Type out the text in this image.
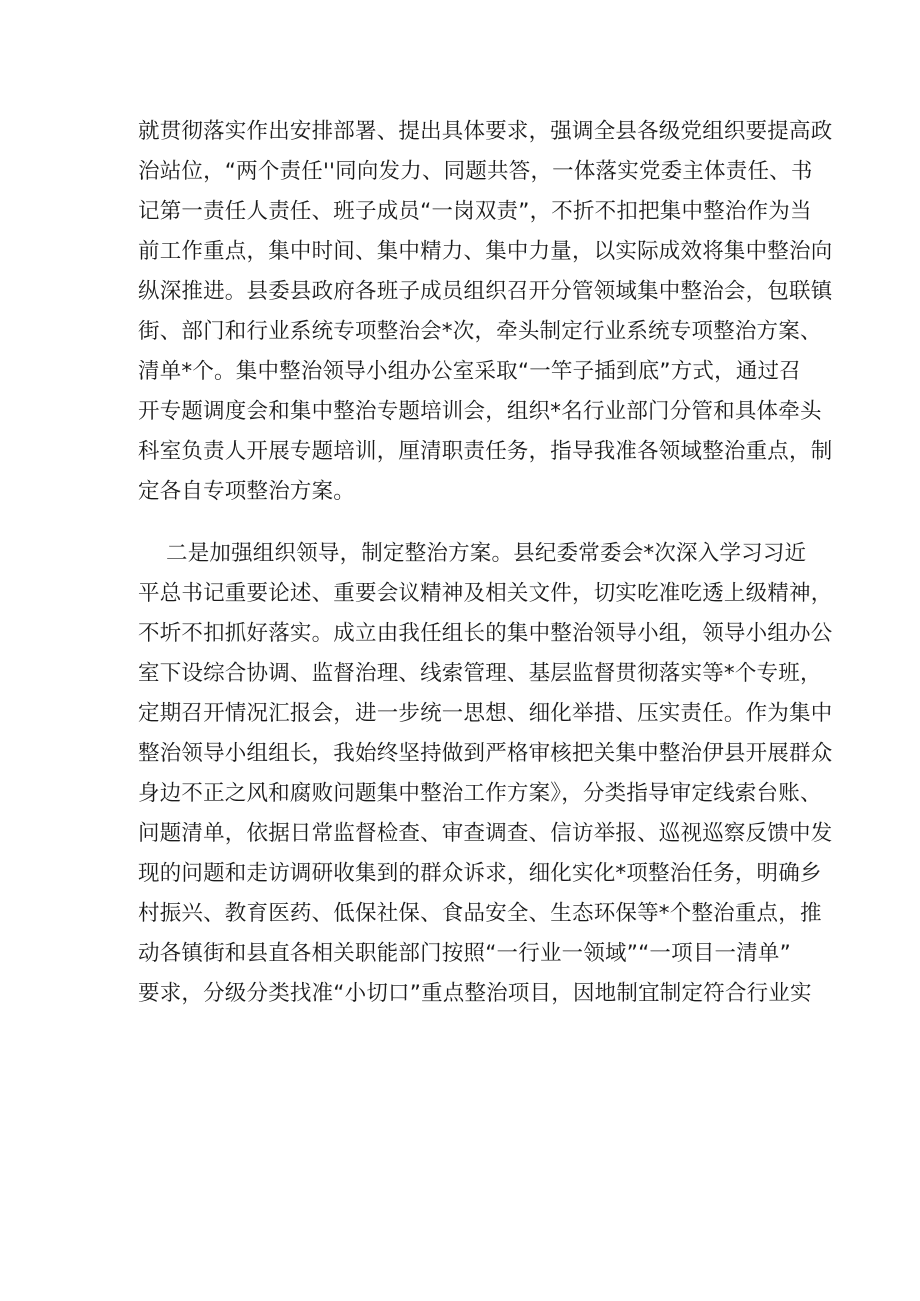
就贯彻落实作出安排部署、提出具体要求，强调全县各级党组织要提高政
治站位，“两个责任''同向发力、同题共答，一体落实党委主体责任、书
记第一责任人责任、班子成员“一岗双责”，不折不扣把集中整治作为当
前工作重点，集中时间、集中精力、集中力量，以实际成效将集中整治向
纵深推进。县委县政府各班子成员组织召开分管领域集中整治会，包联镇
街、部门和行业系统专项整治会*次，牵头制定行业系统专项整治方案、
清单*个。集中整治领导小组办公室采取“一竿子插到底”方式，通过召
开专题调度会和集中整治专题培训会，组织*名行业部门分管和具体牵头
科室负责人开展专题培训，厘清职责任务，指导我准各领域整治重点，制
定各自专项整治方案。
二是加强组织领导，制定整治方案。县纪委常委会*次深入学习习近
平总书记重要论述、重要会议精神及相关文件，切实吃准吃透上级精神，
不圻不扣抓好落实。成立由我任组长的集中整治领导小组，领导小组办公
室下设综合协调、监督治理、线索管理、基层监督贯彻落实等*个专班，
定期召开情况汇报会，进一步统一思想、细化举措、压实责任。作为集中
整治领导小组组长，我始终坚持做到严格审核把关集中整治伊县开展群众
身边不正之风和腐败问题集中整治工作方案》，分类指导审定线索台账、
问题清单，依据日常监督检查、审查调查、信访举报、巡视巡察反馈中发
现的问题和走访调研收集到的群众诉求，细化实化*项整治任务，明确乡
村振兴、教育医药、低保社保、食品安全、生态环保等*个整治重点，推
动各镇街和县直各相关职能部门按照“一行业一领域”“一项目一清单”
要求，分级分类找准“小切口”重点整治项目，因地制宜制定符合行业实
